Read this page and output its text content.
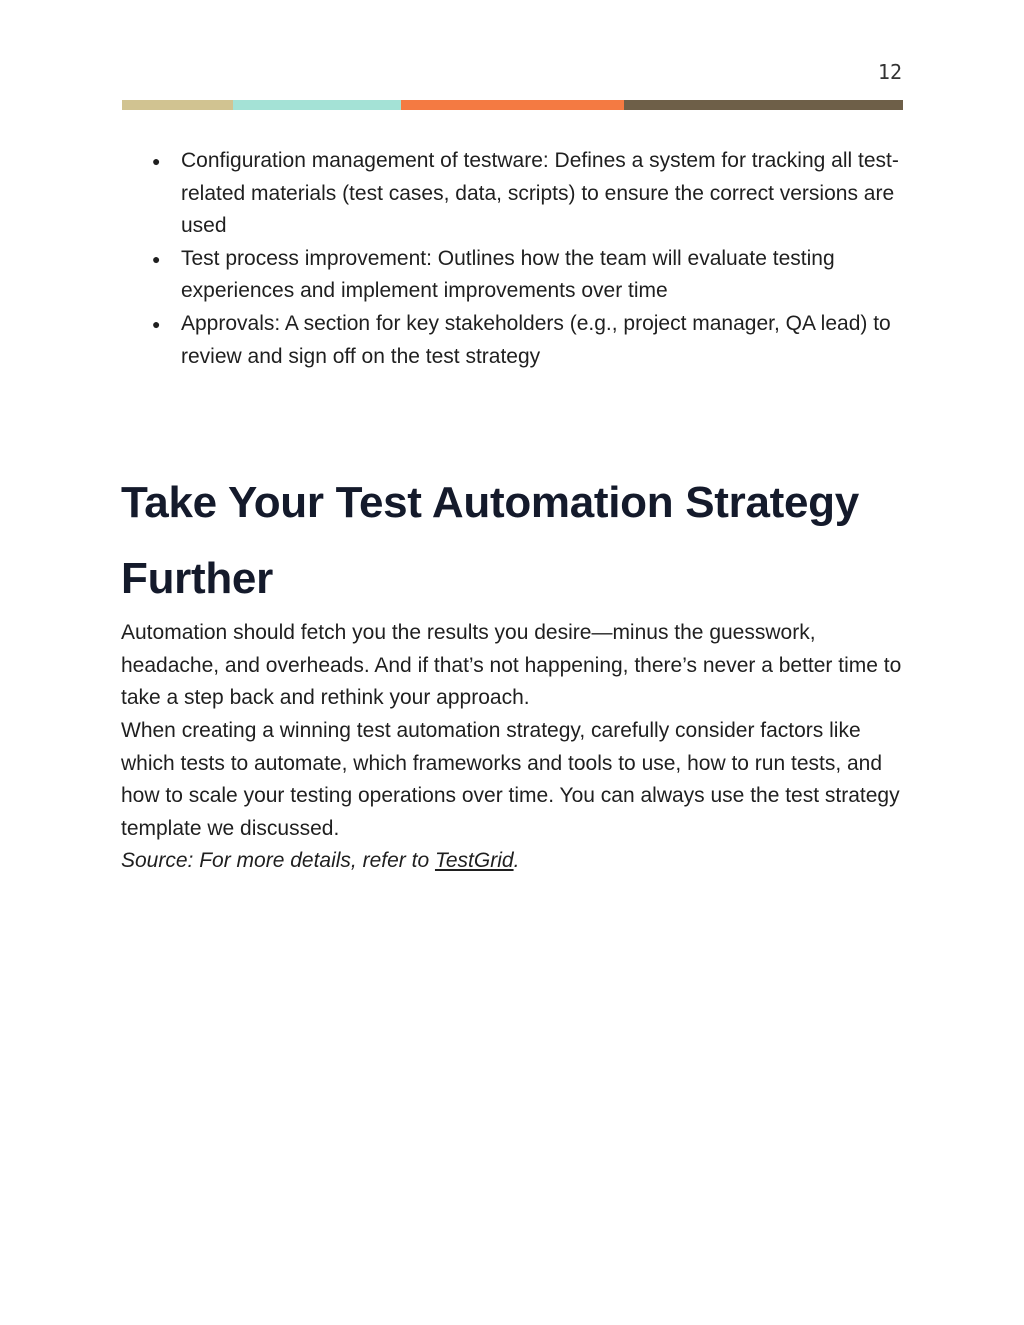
12
● Configuration management of testware: Defines a system for tracking all test-related materials (test cases, data, scripts) to ensure the correct versions are used
● Test process improvement: Outlines how the team will evaluate testing experiences and implement improvements over time
● Approvals: A section for key stakeholders (e.g., project manager, QA lead) to review and sign off on the test strategy
Take Your Test Automation Strategy Further

Automation should fetch you the results you desire—minus the guesswork, headache, and overheads. And if that’s not happening, there’s never a better time to take a step back and rethink your approach.

When creating a winning test automation strategy, carefully consider factors like which tests to automate, which frameworks and tools to use, how to run tests, and how to scale your testing operations over time. You can always use the test strategy template we discussed.

Source: For more details, refer to TestGrid.
